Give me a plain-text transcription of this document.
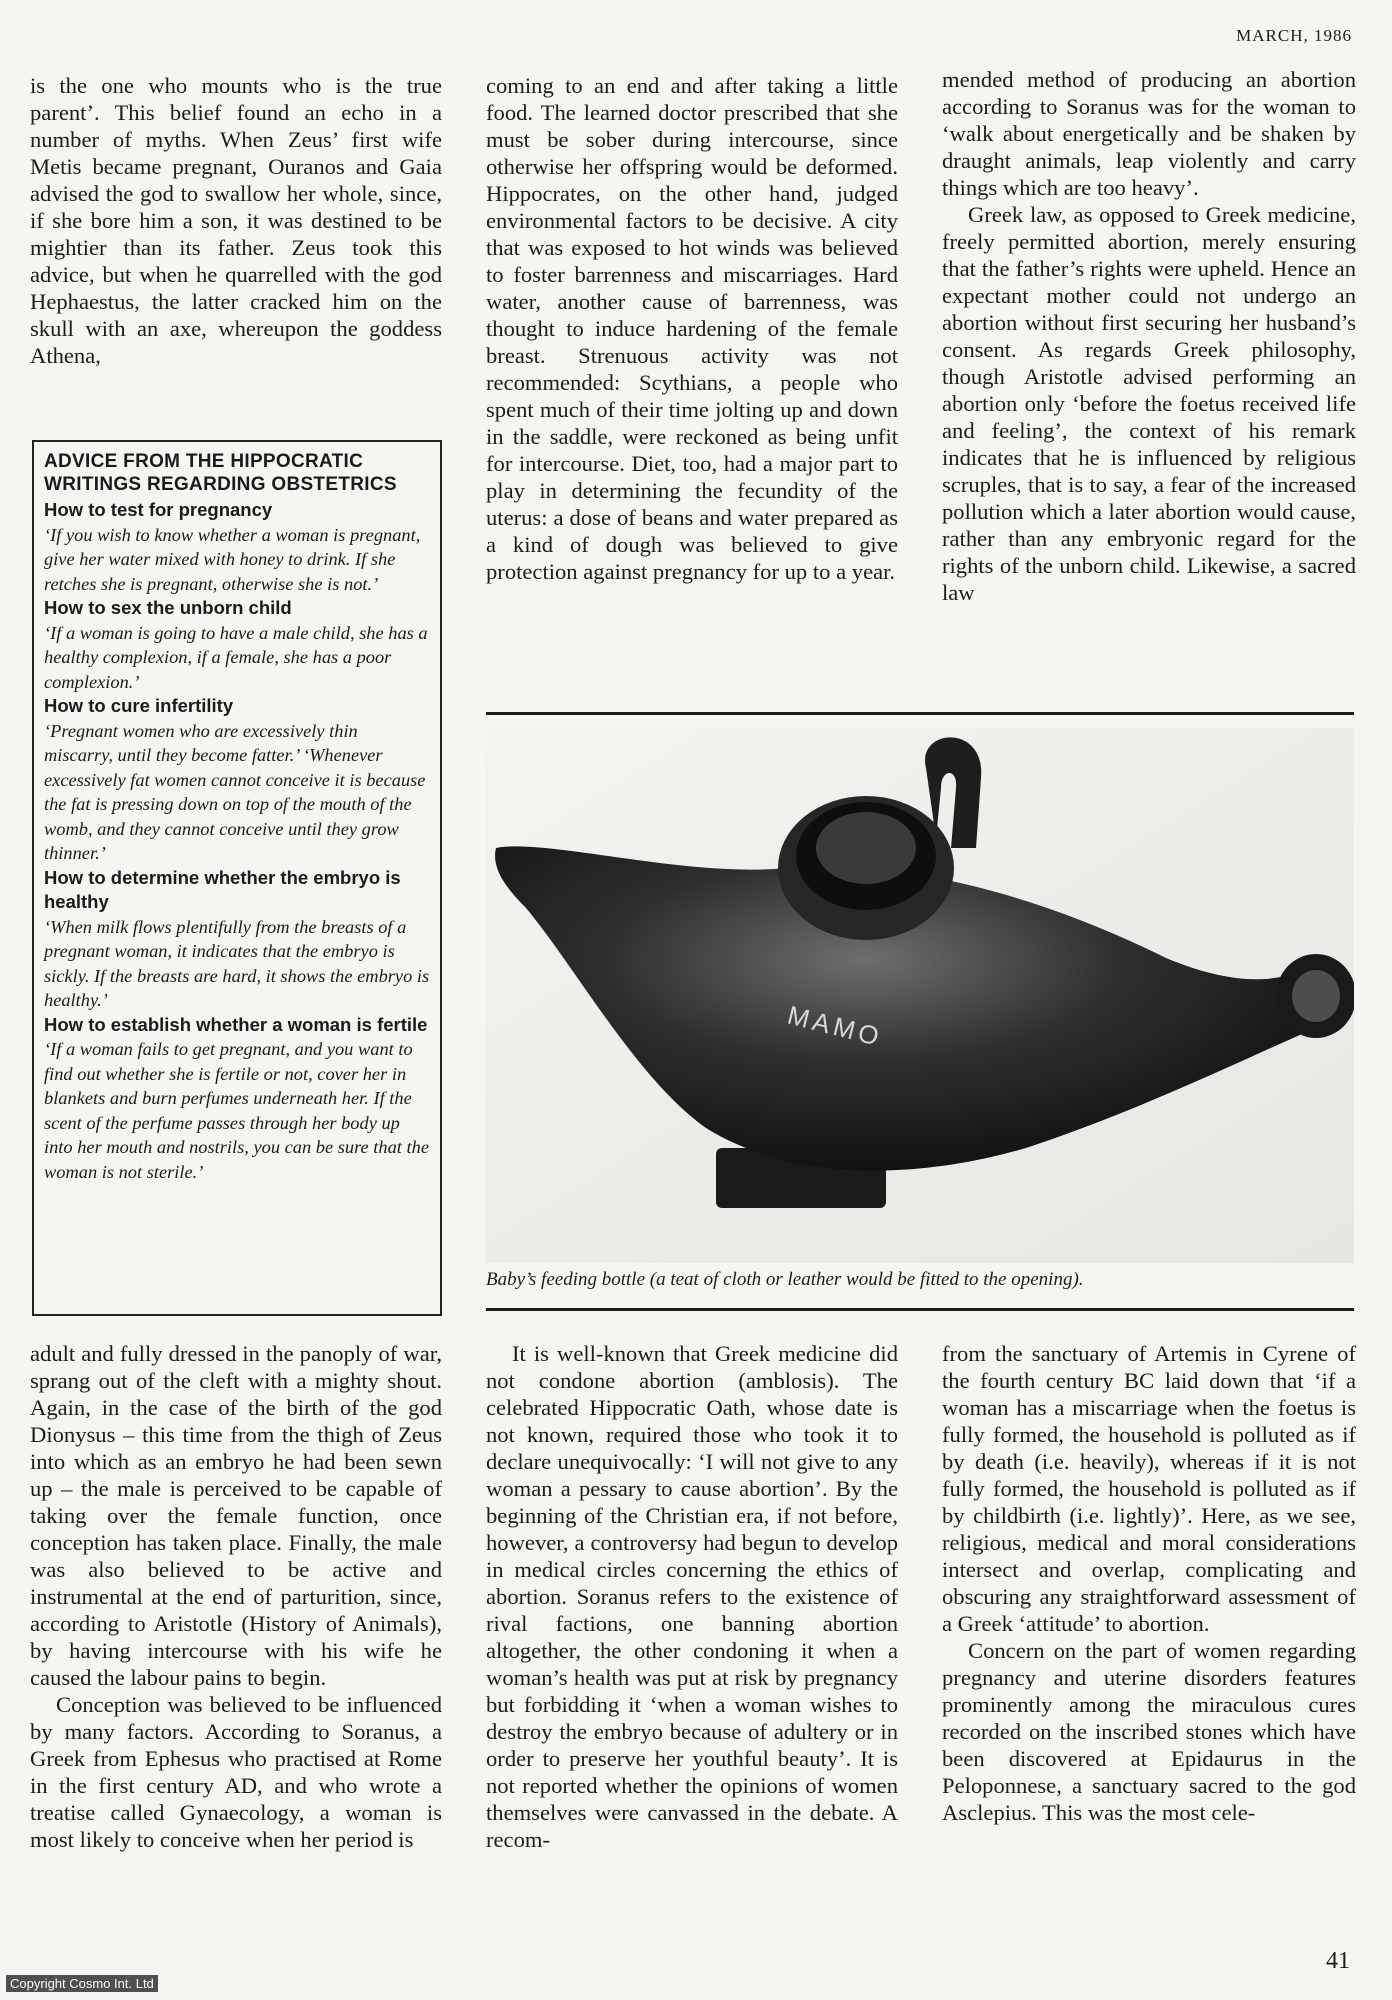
MARCH, 1986

is the one who mounts who is the true parent’. This belief found an echo in a number of myths. When Zeus’ first wife Metis became pregnant, Ouranos and Gaia advised the god to swallow her whole, since, if she bore him a son, it was destined to be mightier than its father. Zeus took this advice, but when he quarrelled with the god Hephaestus, the latter cracked him on the skull with an axe, whereupon the goddess Athena,

coming to an end and after taking a little food. The learned doctor prescribed that she must be sober during intercourse, since otherwise her offspring would be deformed. Hippocrates, on the other hand, judged environmental factors to be decisive. A city that was exposed to hot winds was believed to foster barrenness and miscarriages. Hard water, another cause of barrenness, was thought to induce hardening of the female breast. Strenuous activity was not recommended: Scythians, a people who spent much of their time jolting up and down in the saddle, were reckoned as being unfit for intercourse. Diet, too, had a major part to play in determining the fecundity of the uterus: a dose of beans and water prepared as a kind of dough was believed to give protection against pregnancy for up to a year.

mended method of producing an abortion according to Soranus was for the woman to ‘walk about energetically and be shaken by draught animals, leap violently and carry things which are too heavy’.

Greek law, as opposed to Greek medicine, freely permitted abortion, merely ensuring that the father’s rights were upheld. Hence an expectant mother could not undergo an abortion without first securing her husband’s consent. As regards Greek philosophy, though Aristotle advised performing an abortion only ‘before the foetus received life and feeling’, the context of his remark indicates that he is influenced by religious scruples, that is to say, a fear of the increased pollution which a later abortion would cause, rather than any embryonic regard for the rights of the unborn child. Likewise, a sacred law

ADVICE FROM THE HIPPOCRATIC WRITINGS REGARDING OBSTETRICS
How to test for pregnancy
‘If you wish to know whether a woman is pregnant, give her water mixed with honey to drink. If she retches she is pregnant, otherwise she is not.’
How to sex the unborn child
‘If a woman is going to have a male child, she has a healthy complexion, if a female, she has a poor complexion.’
How to cure infertility
‘Pregnant women who are excessively thin miscarry, until they become fatter.’ ‘Whenever excessively fat women cannot conceive it is because the fat is pressing down on top of the mouth of the womb, and they cannot conceive until they grow thinner.’
How to determine whether the embryo is healthy
‘When milk flows plentifully from the breasts of a pregnant woman, it indicates that the embryo is sickly. If the breasts are hard, it shows the embryo is healthy.’
How to establish whether a woman is fertile
‘If a woman fails to get pregnant, and you want to find out whether she is fertile or not, cover her in blankets and burn perfumes underneath her. If the scent of the perfume passes through her body up into her mouth and nostrils, you can be sure that the woman is not sterile.’
MAMO
Baby’s feeding bottle (a teat of cloth or leather would be fitted to the opening).

adult and fully dressed in the panoply of war, sprang out of the cleft with a mighty shout. Again, in the case of the birth of the god Dionysus – this time from the thigh of Zeus into which as an embryo he had been sewn up – the male is perceived to be capable of taking over the female function, once conception has taken place. Finally, the male was also believed to be active and instrumental at the end of parturition, since, according to Aristotle (History of Animals), by having intercourse with his wife he caused the labour pains to begin.

Conception was believed to be influenced by many factors. According to Soranus, a Greek from Ephesus who practised at Rome in the first century AD, and who wrote a treatise called Gynaecology, a woman is most likely to conceive when her period is

It is well-known that Greek medicine did not condone abortion (amblosis). The celebrated Hippocratic Oath, whose date is not known, required those who took it to declare unequivocally: ‘I will not give to any woman a pessary to cause abortion’. By the beginning of the Christian era, if not before, however, a controversy had begun to develop in medical circles concerning the ethics of abortion. Soranus refers to the existence of rival factions, one banning abortion altogether, the other condoning it when a woman’s health was put at risk by pregnancy but forbidding it ‘when a woman wishes to destroy the embryo because of adultery or in order to preserve her youthful beauty’. It is not reported whether the opinions of women themselves were canvassed in the debate. A recom-

from the sanctuary of Artemis in Cyrene of the fourth century BC laid down that ‘if a woman has a miscarriage when the foetus is fully formed, the household is polluted as if by death (i.e. heavily), whereas if it is not fully formed, the household is polluted as if by childbirth (i.e. lightly)’. Here, as we see, religious, medical and moral considerations intersect and overlap, complicating and obscuring any straightforward assessment of a Greek ‘attitude’ to abortion.

Concern on the part of women regarding pregnancy and uterine disorders features prominently among the miraculous cures recorded on the inscribed stones which have been discovered at Epidaurus in the Peloponnese, a sanctuary sacred to the god Asclepius. This was the most cele-

41
Copyright Cosmo Int. Ltd
